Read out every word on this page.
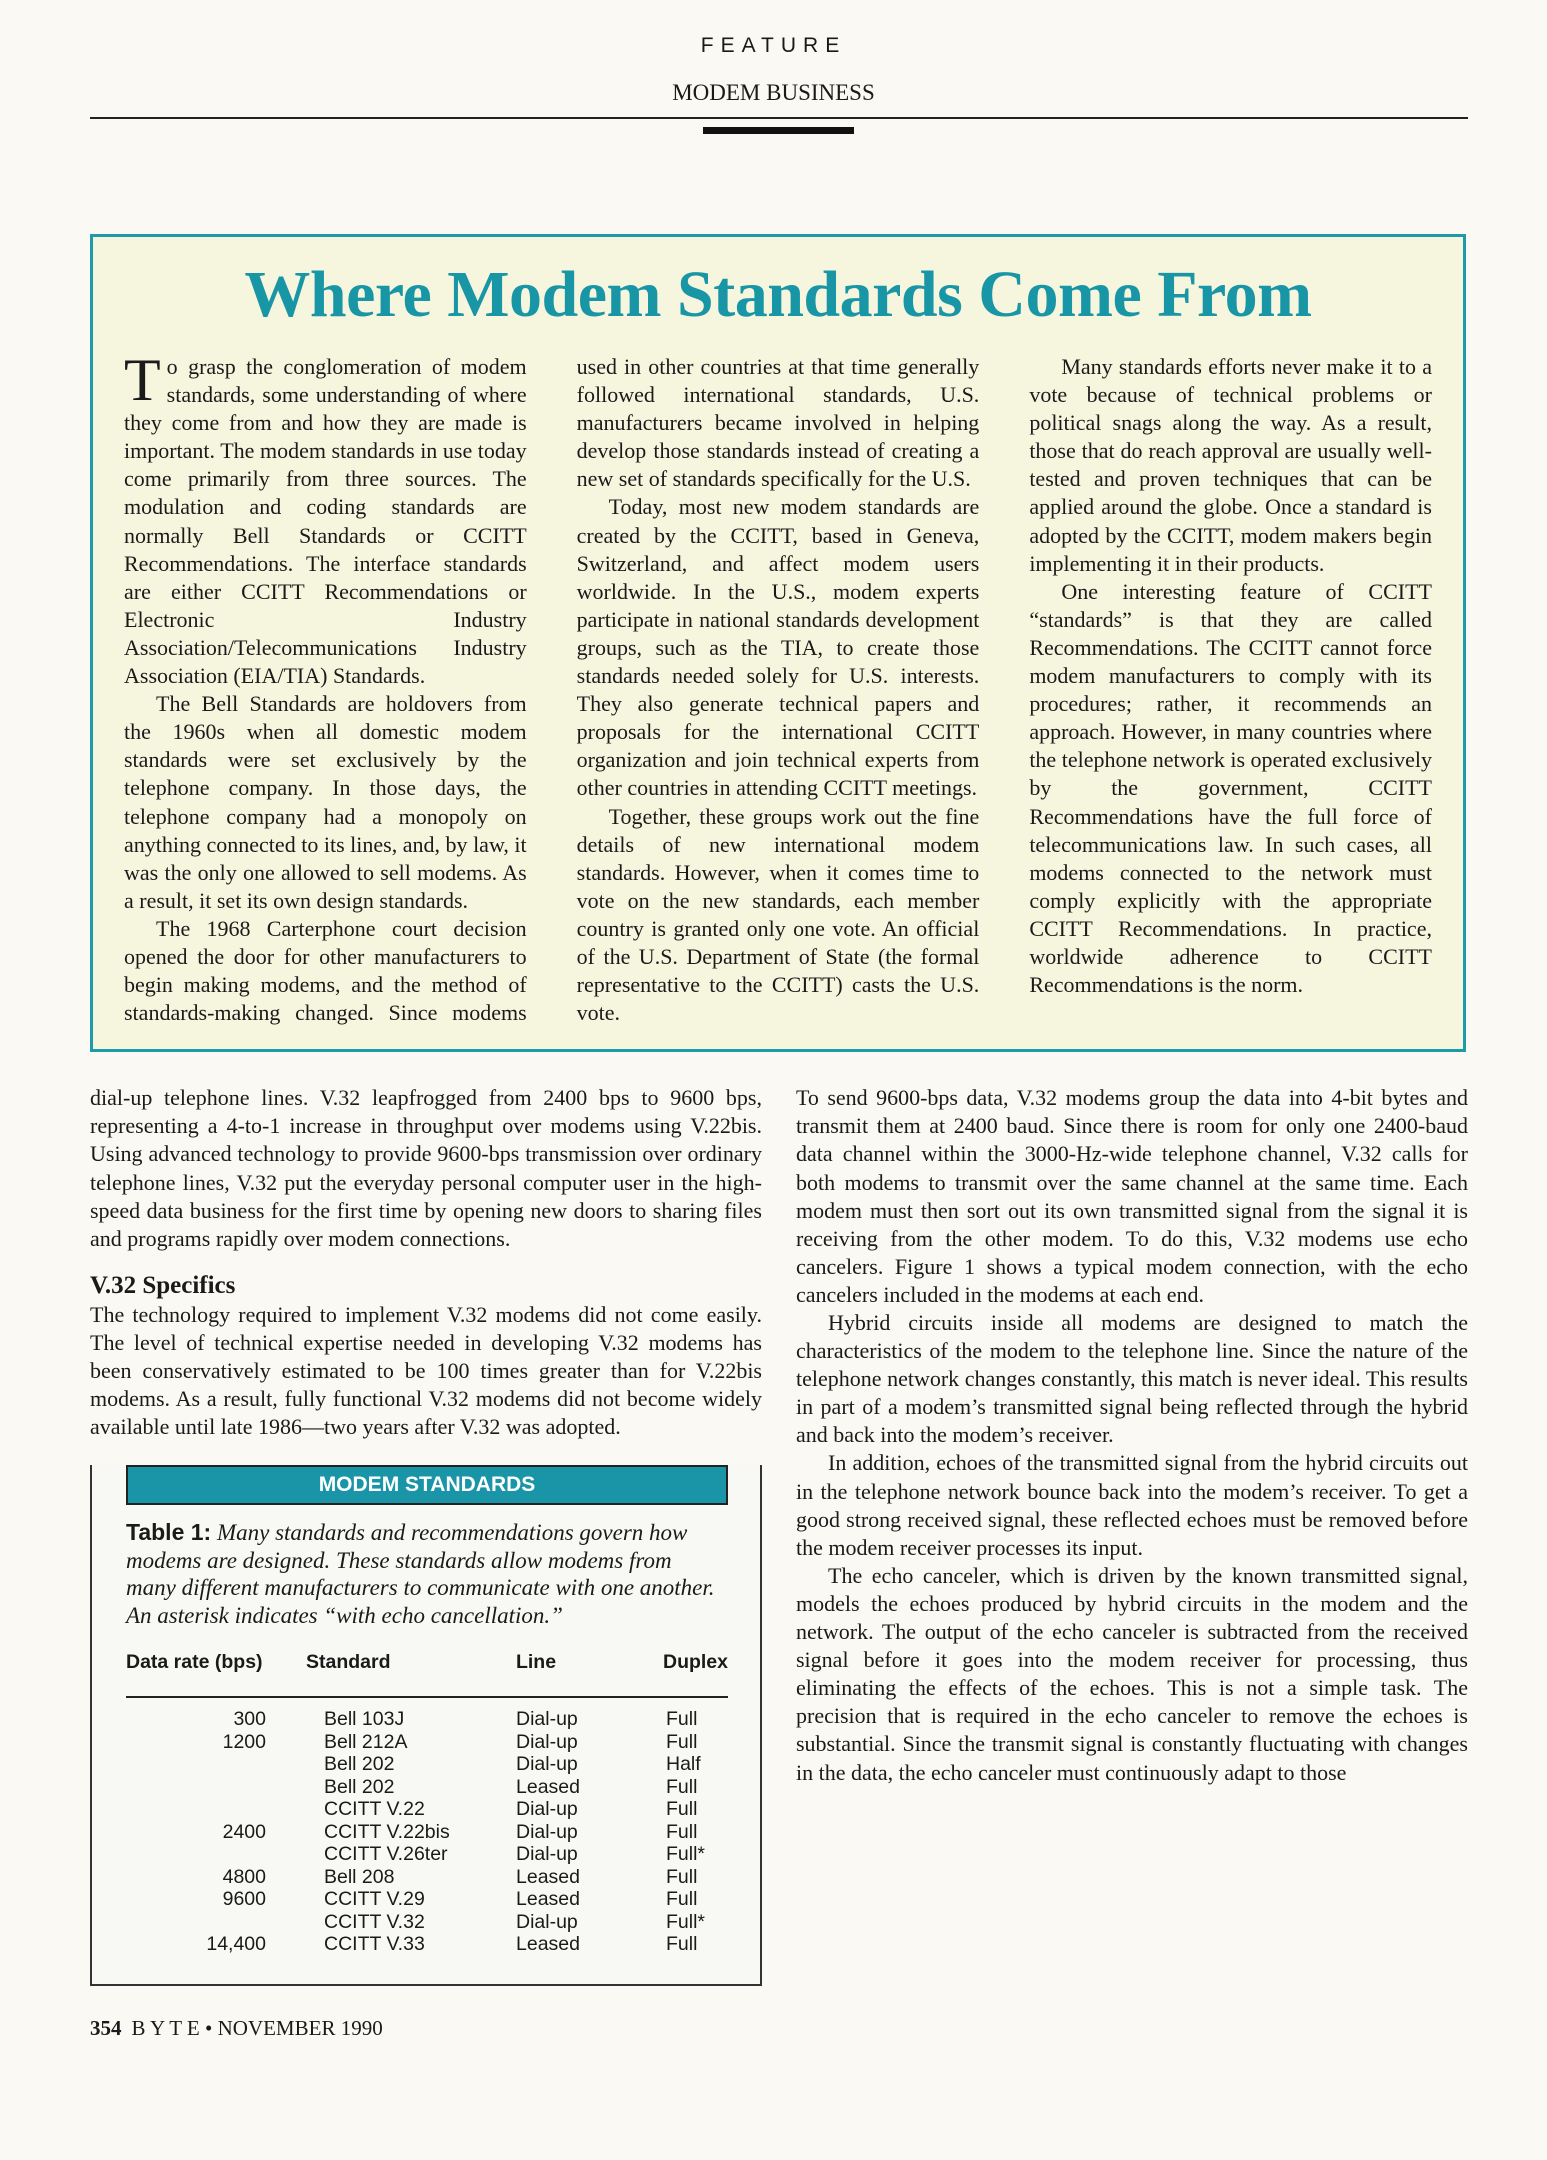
FEATURE
MODEM BUSINESS
Where Modem Standards Come From

To grasp the conglomeration of modem standards, some understanding of where they come from and how they are made is important. The modem standards in use today come primarily from three sources. The modulation and coding standards are normally Bell Standards or CCITT Recommendations. The interface standards are either CCITT Recommendations or Electronic Industry Association/Telecommunications Industry Association (EIA/TIA) Standards.

The Bell Standards are holdovers from the 1960s when all domestic modem standards were set exclusively by the telephone company. In those days, the telephone company had a monopoly on anything connected to its lines, and, by law, it was the only one allowed to sell modems. As a result, it set its own design standards.

The 1968 Carterphone court decision opened the door for other manufacturers to begin making modems, and the method of standards-making changed. Since modems used in other countries at that time generally followed international standards, U.S. manufacturers became involved in helping develop those standards instead of creating a new set of standards specifically for the U.S.

Today, most new modem standards are created by the CCITT, based in Geneva, Switzerland, and affect modem users worldwide. In the U.S., modem experts participate in national standards development groups, such as the TIA, to create those standards needed solely for U.S. interests. They also generate technical papers and proposals for the international CCITT organization and join technical experts from other countries in attending CCITT meetings.

Together, these groups work out the fine details of new international modem standards. However, when it comes time to vote on the new standards, each member country is granted only one vote. An official of the U.S. Department of State (the formal representative to the CCITT) casts the U.S. vote.

Many standards efforts never make it to a vote because of technical problems or political snags along the way. As a result, those that do reach approval are usually well-tested and proven techniques that can be applied around the globe. Once a standard is adopted by the CCITT, modem makers begin implementing it in their products.

One interesting feature of CCITT “standards” is that they are called Recommendations. The CCITT cannot force modem manufacturers to comply with its procedures; rather, it recommends an approach. However, in many countries where the telephone network is operated exclusively by the government, CCITT Recommendations have the full force of telecommunications law. In such cases, all modems connected to the network must comply explicitly with the appropriate CCITT Recommendations. In practice, worldwide adherence to CCITT Recommendations is the norm.

dial-up telephone lines. V.32 leapfrogged from 2400 bps to 9600 bps, representing a 4-to-1 increase in throughput over modems using V.22bis. Using advanced technology to provide 9600-bps transmission over ordinary telephone lines, V.32 put the everyday personal computer user in the high-speed data business for the first time by opening new doors to sharing files and programs rapidly over modem connections.

V.32 Specifics

The technology required to implement V.32 modems did not come easily. The level of technical expertise needed in developing V.32 modems has been conservatively estimated to be 100 times greater than for V.22bis modems. As a result, fully functional V.32 modems did not become widely available until late 1986—two years after V.32 was adopted.

MODEM STANDARDS
Table 1: Many standards and recommendations govern how modems are designed. These standards allow modems from many different manufacturers to communicate with one another. An asterisk indicates “with echo cancellation.”
Data rate (bps)	Standard	Line	Duplex
300	Bell 103J	Dial-up	Full
1200	Bell 212A	Dial-up	Full
	Bell 202	Dial-up	Half
	Bell 202	Leased	Full
	CCITT V.22	Dial-up	Full
2400	CCITT V.22bis	Dial-up	Full
	CCITT V.26ter	Dial-up	Full*
4800	Bell 208	Leased	Full
9600	CCITT V.29	Leased	Full
	CCITT V.32	Dial-up	Full*
14,400	CCITT V.33	Leased	Full

To send 9600-bps data, V.32 modems group the data into 4-bit bytes and transmit them at 2400 baud. Since there is room for only one 2400-baud data channel within the 3000-Hz-wide telephone channel, V.32 calls for both modems to transmit over the same channel at the same time. Each modem must then sort out its own transmitted signal from the signal it is receiving from the other modem. To do this, V.32 modems use echo cancelers. Figure 1 shows a typical modem connection, with the echo cancelers included in the modems at each end.

Hybrid circuits inside all modems are designed to match the characteristics of the modem to the telephone line. Since the nature of the telephone network changes constantly, this match is never ideal. This results in part of a modem’s transmitted signal being reflected through the hybrid and back into the modem’s receiver.

In addition, echoes of the transmitted signal from the hybrid circuits out in the telephone network bounce back into the modem’s receiver. To get a good strong received signal, these reflected echoes must be removed before the modem receiver processes its input.

The echo canceler, which is driven by the known transmitted signal, models the echoes produced by hybrid circuits in the modem and the network. The output of the echo canceler is subtracted from the received signal before it goes into the modem receiver for processing, thus eliminating the effects of the echoes. This is not a simple task. The precision that is required in the echo canceler to remove the echoes is substantial. Since the transmit signal is constantly fluctuating with changes in the data, the echo canceler must continuously adapt to those

354 B Y T E • NOVEMBER 1990
